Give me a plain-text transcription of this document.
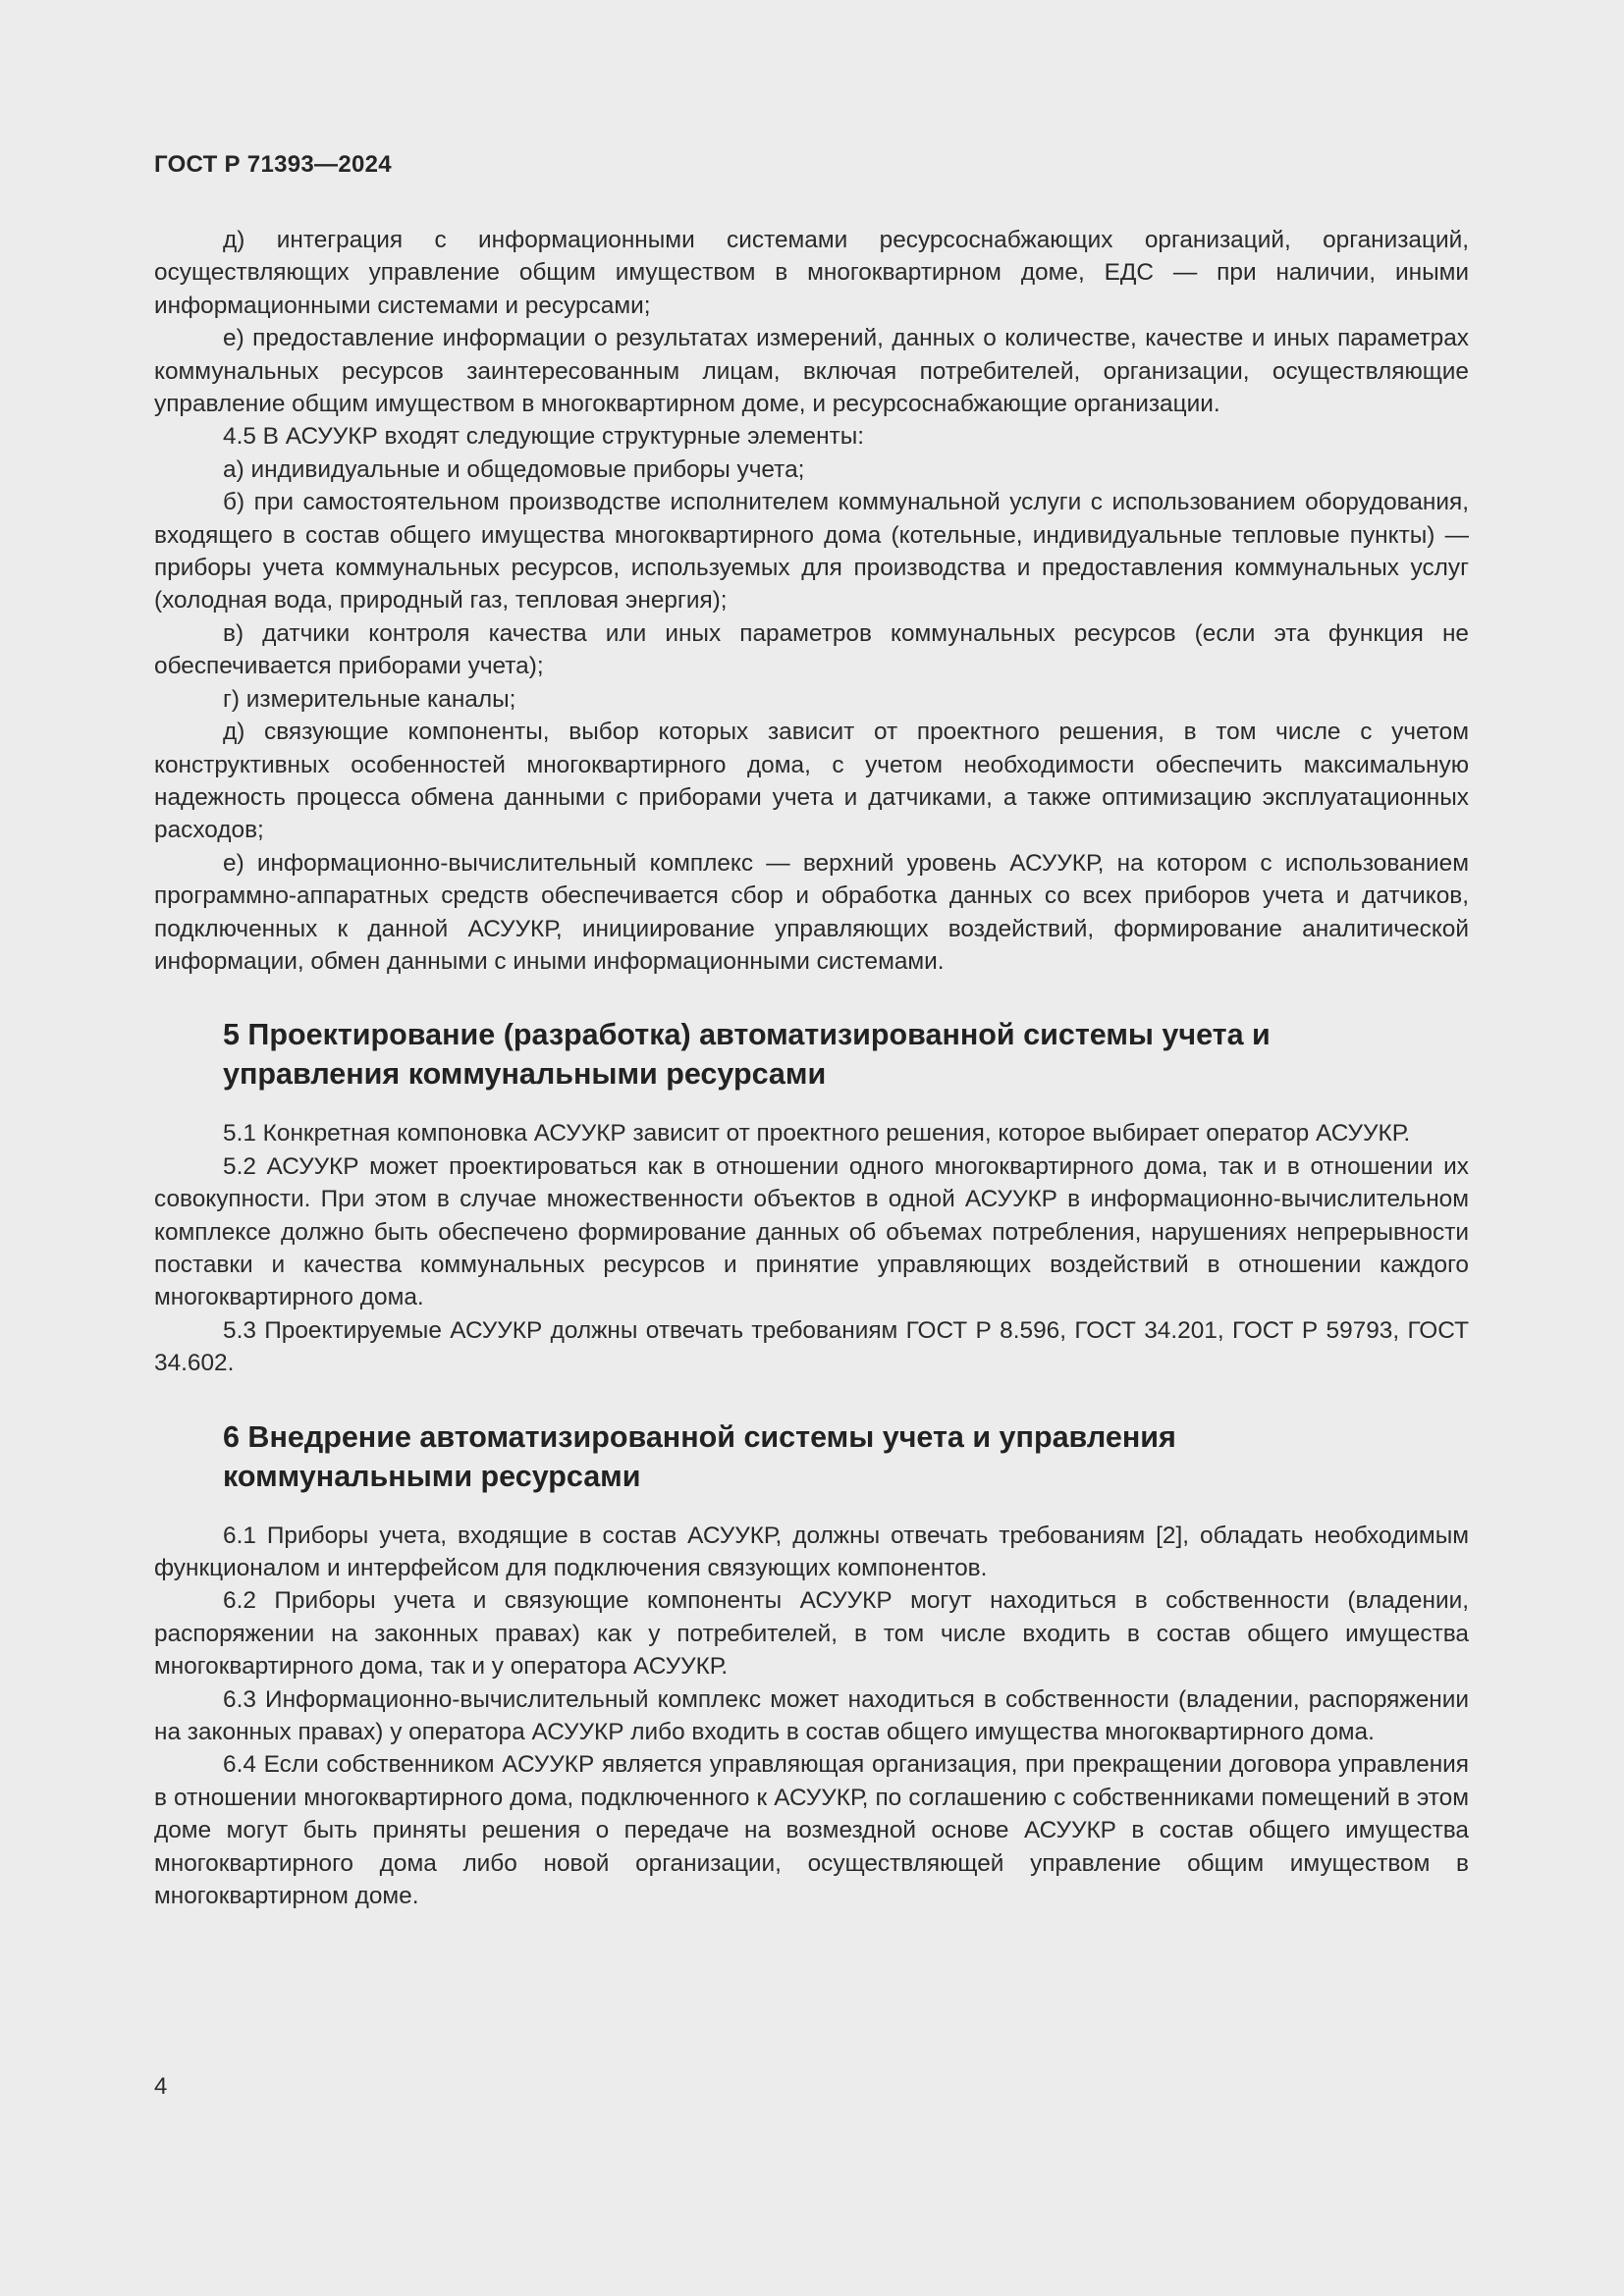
ГОСТ Р 71393—2024

д) интеграция с информационными системами ресурсоснабжающих организаций, организаций, осуществляющих управление общим имуществом в многоквартирном доме, ЕДС — при наличии, иными информационными системами и ресурсами;

е) предоставление информации о результатах измерений, данных о количестве, качестве и иных параметрах коммунальных ресурсов заинтересованным лицам, включая потребителей, организации, осуществляющие управление общим имуществом в многоквартирном доме, и ресурсоснабжающие организации.

4.5 В АСУУКР входят следующие структурные элементы:

а) индивидуальные и общедомовые приборы учета;

б) при самостоятельном производстве исполнителем коммунальной услуги с использованием оборудования, входящего в состав общего имущества многоквартирного дома (котельные, индивидуальные тепловые пункты) — приборы учета коммунальных ресурсов, используемых для производства и предоставления коммунальных услуг (холодная вода, природный газ, тепловая энергия);

в) датчики контроля качества или иных параметров коммунальных ресурсов (если эта функция не обеспечивается приборами учета);

г) измерительные каналы;

д) связующие компоненты, выбор которых зависит от проектного решения, в том числе с учетом конструктивных особенностей многоквартирного дома, с учетом необходимости обеспечить максимальную надежность процесса обмена данными с приборами учета и датчиками, а также оптимизацию эксплуатационных расходов;

е) информационно-вычислительный комплекс — верхний уровень АСУУКР, на котором с использованием программно-аппаратных средств обеспечивается сбор и обработка данных со всех приборов учета и датчиков, подключенных к данной АСУУКР, инициирование управляющих воздействий, формирование аналитической информации, обмен данными с иными информационными системами.

5 Проектирование (разработка) автоматизированной системы учета и управления коммунальными ресурсами

5.1 Конкретная компоновка АСУУКР зависит от проектного решения, которое выбирает оператор АСУУКР.

5.2 АСУУКР может проектироваться как в отношении одного многоквартирного дома, так и в отношении их совокупности. При этом в случае множественности объектов в одной АСУУКР в информационно-вычислительном комплексе должно быть обеспечено формирование данных об объемах потребления, нарушениях непрерывности поставки и качества коммунальных ресурсов и принятие управляющих воздействий в отношении каждого многоквартирного дома.

5.3 Проектируемые АСУУКР должны отвечать требованиям ГОСТ Р 8.596, ГОСТ 34.201, ГОСТ Р 59793, ГОСТ 34.602.

6 Внедрение автоматизированной системы учета и управления коммунальными ресурсами

6.1 Приборы учета, входящие в состав АСУУКР, должны отвечать требованиям [2], обладать необходимым функционалом и интерфейсом для подключения связующих компонентов.

6.2 Приборы учета и связующие компоненты АСУУКР могут находиться в собственности (владении, распоряжении на законных правах) как у потребителей, в том числе входить в состав общего имущества многоквартирного дома, так и у оператора АСУУКР.

6.3 Информационно-вычислительный комплекс может находиться в собственности (владении, распоряжении на законных правах) у оператора АСУУКР либо входить в состав общего имущества многоквартирного дома.

6.4 Если собственником АСУУКР является управляющая организация, при прекращении договора управления в отношении многоквартирного дома, подключенного к АСУУКР, по соглашению с собственниками помещений в этом доме могут быть приняты решения о передаче на возмездной основе АСУУКР в состав общего имущества многоквартирного дома либо новой организации, осуществляющей управление общим имуществом в многоквартирном доме.

4
